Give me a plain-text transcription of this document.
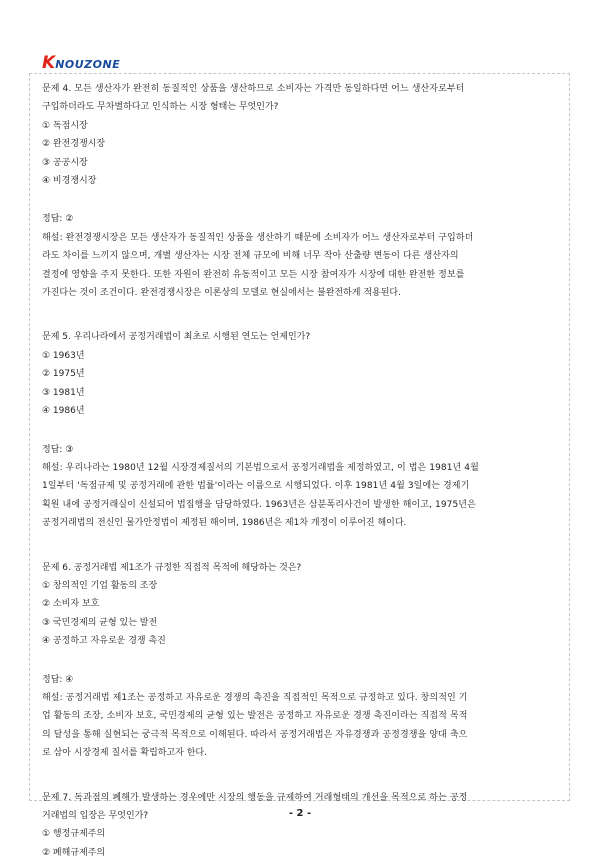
KNOUZONE

문제 4. 모든 생산자가 완전히 동질적인 상품을 생산하므로 소비자는 가격만 동일하다면 어느 생산자로부터

구입하더라도 무차별하다고 인식하는 시장 형태는 무엇인가?

① 독점시장

② 완전경쟁시장

③ 공공시장

④ 비경쟁시장

정답: ②

해설: 완전경쟁시장은 모든 생산자가 동질적인 상품을 생산하기 때문에 소비자가 어느 생산자로부터 구입하더

라도 차이를 느끼지 않으며, 개별 생산자는 시장 전체 규모에 비해 너무 작아 산출량 변동이 다른 생산자의

결정에 영향을 주지 못한다. 또한 자원이 완전히 유동적이고 모든 시장 참여자가 시장에 대한 완전한 정보를

가진다는 것이 조건이다. 완전경쟁시장은 이론상의 모델로 현실에서는 불완전하게 적용된다.

문제 5. 우리나라에서 공정거래법이 최초로 시행된 연도는 언제인가?

① 1963년

② 1975년

③ 1981년

④ 1986년

정답: ③

해설: 우리나라는 1980년 12월 시장경제질서의 기본법으로서 공정거래법을 제정하였고, 이 법은 1981년 4월

1일부터 '독점규제 및 공정거래에 관한 법률'이라는 이름으로 시행되었다. 이후 1981년 4월 3일에는 경제기

획원 내에 공정거래실이 신설되어 법집행을 담당하였다. 1963년은 삼분폭리사건이 발생한 해이고, 1975년은

공정거래법의 전신인 물가안정법이 제정된 해이며, 1986년은 제1차 개정이 이루어진 해이다.

문제 6. 공정거래법 제1조가 규정한 직접적 목적에 해당하는 것은?

① 창의적인 기업 활동의 조장

② 소비자 보호

③ 국민경제의 균형 있는 발전

④ 공정하고 자유로운 경쟁 촉진

정답: ④

해설: 공정거래법 제1조는 공정하고 자유로운 경쟁의 촉진을 직접적인 목적으로 규정하고 있다. 창의적인 기

업 활동의 조장, 소비자 보호, 국민경제의 균형 있는 발전은 공정하고 자유로운 경쟁 촉진이라는 직접적 목적

의 달성을 통해 실현되는 궁극적 목적으로 이해된다. 따라서 공정거래법은 자유경쟁과 공정경쟁을 양대 축으

로 삼아 시장경제 질서를 확립하고자 한다.

문제 7. 독과점의 폐해가 발생하는 경우에만 시장의 행동을 규제하여 거래형태의 개선을 목적으로 하는 공정

거래법의 입장은 무엇인가?

① 행정규제주의

② 폐해규제주의

- 2 -
